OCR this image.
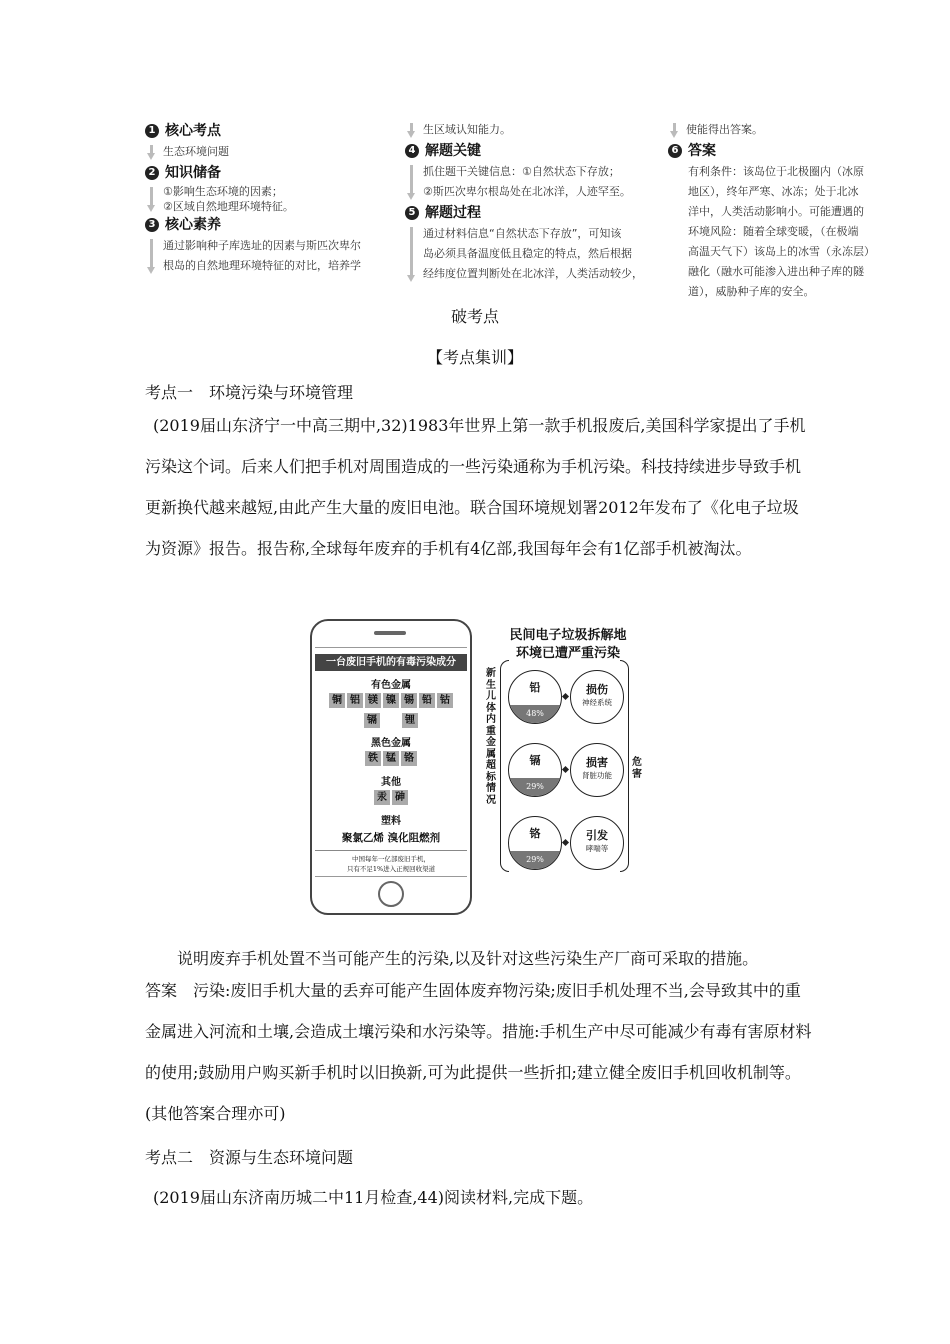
1 核心考点
生态环境问题
2 知识储备
①影响生态环境的因素；
②区域自然地理环境特征。
3 核心素养
通过影响种子库选址的因素与斯匹次卑尔
根岛的自然地理环境特征的对比，培养学
生区域认知能力。
4 解题关键
抓住题干关键信息：①自然状态下存放；
②斯匹次卑尔根岛处在北冰洋，人迹罕至。
5 解题过程
通过材料信息“自然状态下存放”，可知该
岛必须具备温度低且稳定的特点，然后根据
经纬度位置判断处在北冰洋，人类活动较少，
使能得出答案。
6 答案
有利条件：该岛位于北极圈内（冰原
地区），终年严寒、冰冻；处于北冰
洋中，人类活动影响小。可能遭遇的
环境风险：随着全球变暖，（在极端
高温天气下）该岛上的冰雪（永冻层）
融化（融水可能渗入进出种子库的隧
道），威胁种子库的安全。
破考点
【考点集训】
考点一　环境污染与环境管理
(2019届山东济宁一中高三期中,32)1983年世界上第一款手机报废后,美国科学家提出了手机污染这个词。后来人们把手机对周围造成的一些污染通称为手机污染。科技持续进步导致手机更新换代越来越短,由此产生大量的废旧电池。联合国环境规划署2012年发布了《化电子垃圾为资源》报告。报告称,全球每年废弃的手机有4亿部,我国每年会有1亿部手机被淘汰。
一台废旧手机的有毒污染成分
有色金属
铜 铝 镁 镍 锡 铅 钴
镉	锂
黑色金属
铁 锰 铬
其他
汞 砷
塑料
聚氯乙烯 溴化阻燃剂
中国每年一亿部废旧手机，
只有不足1%进入正规回收渠道
民间电子垃圾拆解地
环境已遭严重污染
新生儿体内重金属超标情况
危害
铅
48%
损伤
神经系统
镉
29%
损害
肾脏功能
铬
29%
引发
哮喘等
说明废弃手机处置不当可能产生的污染,以及针对这些污染生产厂商可采取的措施。
答案　污染:废旧手机大量的丢弃可能产生固体废弃物污染;废旧手机处理不当,会导致其中的重金属进入河流和土壤,会造成土壤污染和水污染等。措施:手机生产中尽可能减少有毒有害原材料的使用;鼓励用户购买新手机时以旧换新,可为此提供一些折扣;建立健全废旧手机回收机制等。(其他答案合理亦可)
考点二　资源与生态环境问题
(2019届山东济南历城二中11月检查,44)阅读材料,完成下题。
